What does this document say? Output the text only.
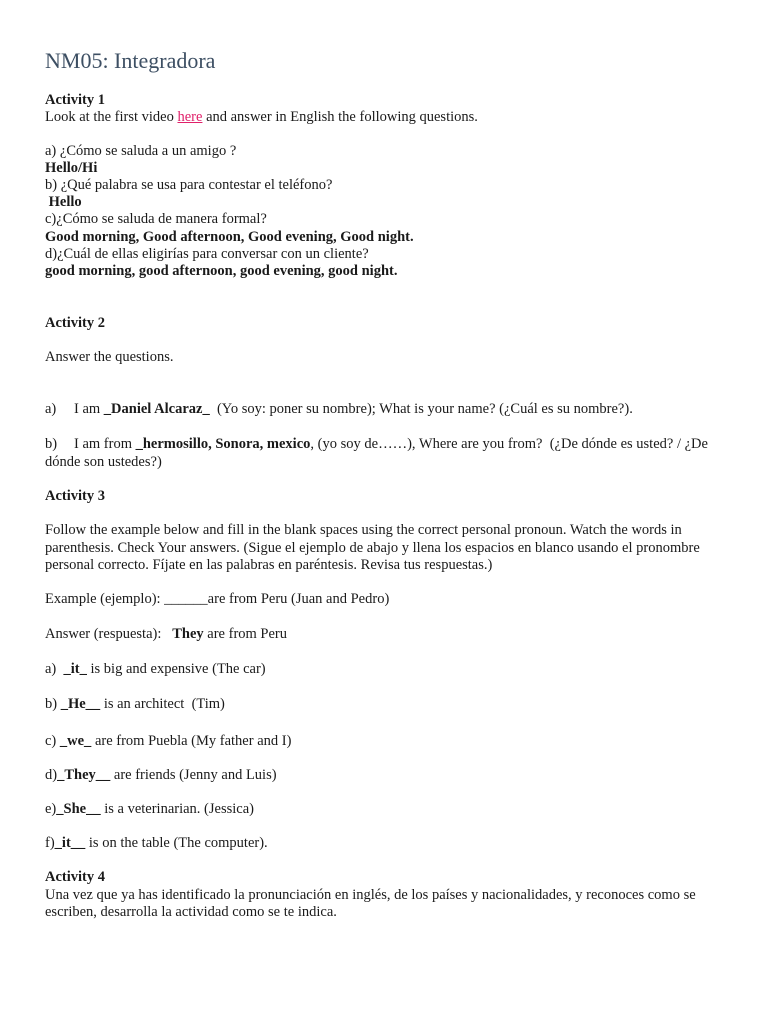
NM05: Integradora
Activity 1
Look at the first video here and answer in English the following questions.
a) ¿Cómo se saluda a un amigo ?
Hello/Hi
b) ¿Qué palabra se usa para contestar el teléfono?
Hello
c)¿Cómo se saluda de manera formal?
Good morning, Good afternoon, Good evening, Good night.
d)¿Cuál de ellas eligirías para conversar con un cliente?
good morning, good afternoon, good evening, good night.
Activity 2
Answer the questions.
a) I am _Daniel Alcaraz_  (Yo soy: poner su nombre); What is your name? (¿Cuál es su nombre?).
b) I am from _hermosillo, Sonora, mexico, (yo soy de……), Where are you from?  (¿De dónde es usted? / ¿De
dónde son ustedes?)
Activity 3
Follow the example below and fill in the blank spaces using the correct personal pronoun. Watch the words in
parenthesis. Check Your answers. (Sigue el ejemplo de abajo y llena los espacios en blanco usando el pronombre
personal correcto. Fíjate en las palabras en paréntesis. Revisa tus respuestas.)
Example (ejemplo): ______are from Peru (Juan and Pedro)
Answer (respuesta):   They are from Peru
a)  _it_ is big and expensive (The car)
b) _He__ is an architect  (Tim)
c) _we_ are from Puebla (My father and I)
d)_They__ are friends (Jenny and Luis)
e)_She__ is a veterinarian. (Jessica)
f)_it__ is on the table (The computer).
Activity 4
Una vez que ya has identificado la pronunciación en inglés, de los países y nacionalidades, y reconoces como se
escriben, desarrolla la actividad como se te indica.
